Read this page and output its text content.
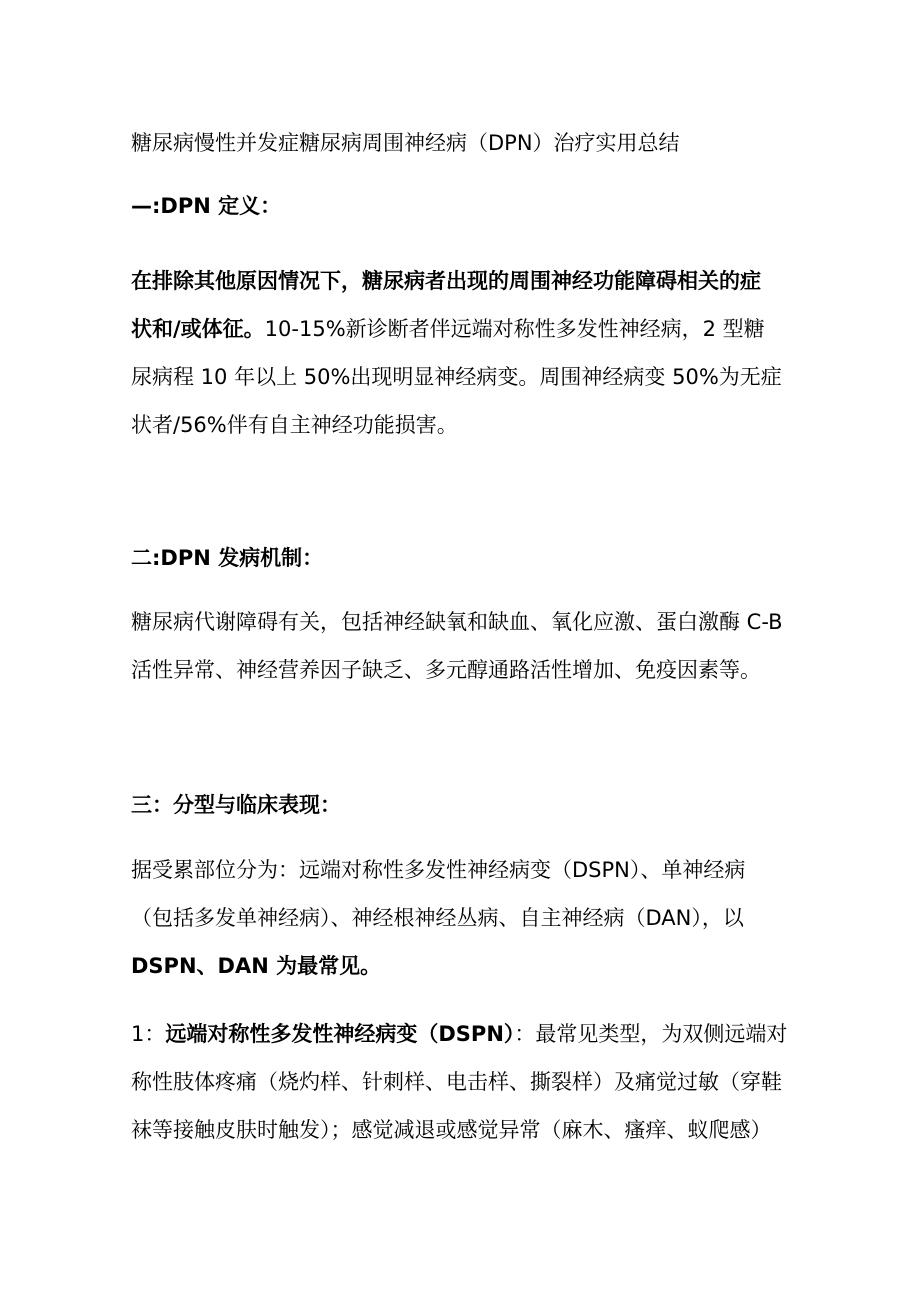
糖尿病慢性并发症糖尿病周围神经病（DPN）治疗实用总结

—:DPN 定义：

在排除其他原因情况下，糖尿病者出现的周围神经功能障碍相关的症
状和/或体征。10-15%新诊断者伴远端对称性多发性神经病，2 型糖
尿病程 10 年以上 50%出现明显神经病变。周围神经病变 50%为无症
状者/56%伴有自主神经功能损害。

二:DPN 发病机制：

糖尿病代谢障碍有关，包括神经缺氧和缺血、氧化应激、蛋白激酶 C-B
活性异常、神经营养因子缺乏、多元醇通路活性增加、免疫因素等。

三：分型与临床表现：

据受累部位分为：远端对称性多发性神经病变（DSPN）、单神经病
（包括多发单神经病）、神经根神经丛病、自主神经病（DAN），以
DSPN、DAN 为最常见。
1：远端对称性多发性神经病变（DSPN）：最常见类型，为双侧远端对
称性肢体疼痛（烧灼样、针刺样、电击样、撕裂样）及痛觉过敏（穿鞋
袜等接触皮肤时触发）；感觉减退或感觉异常（麻木、瘙痒、蚁爬感）
